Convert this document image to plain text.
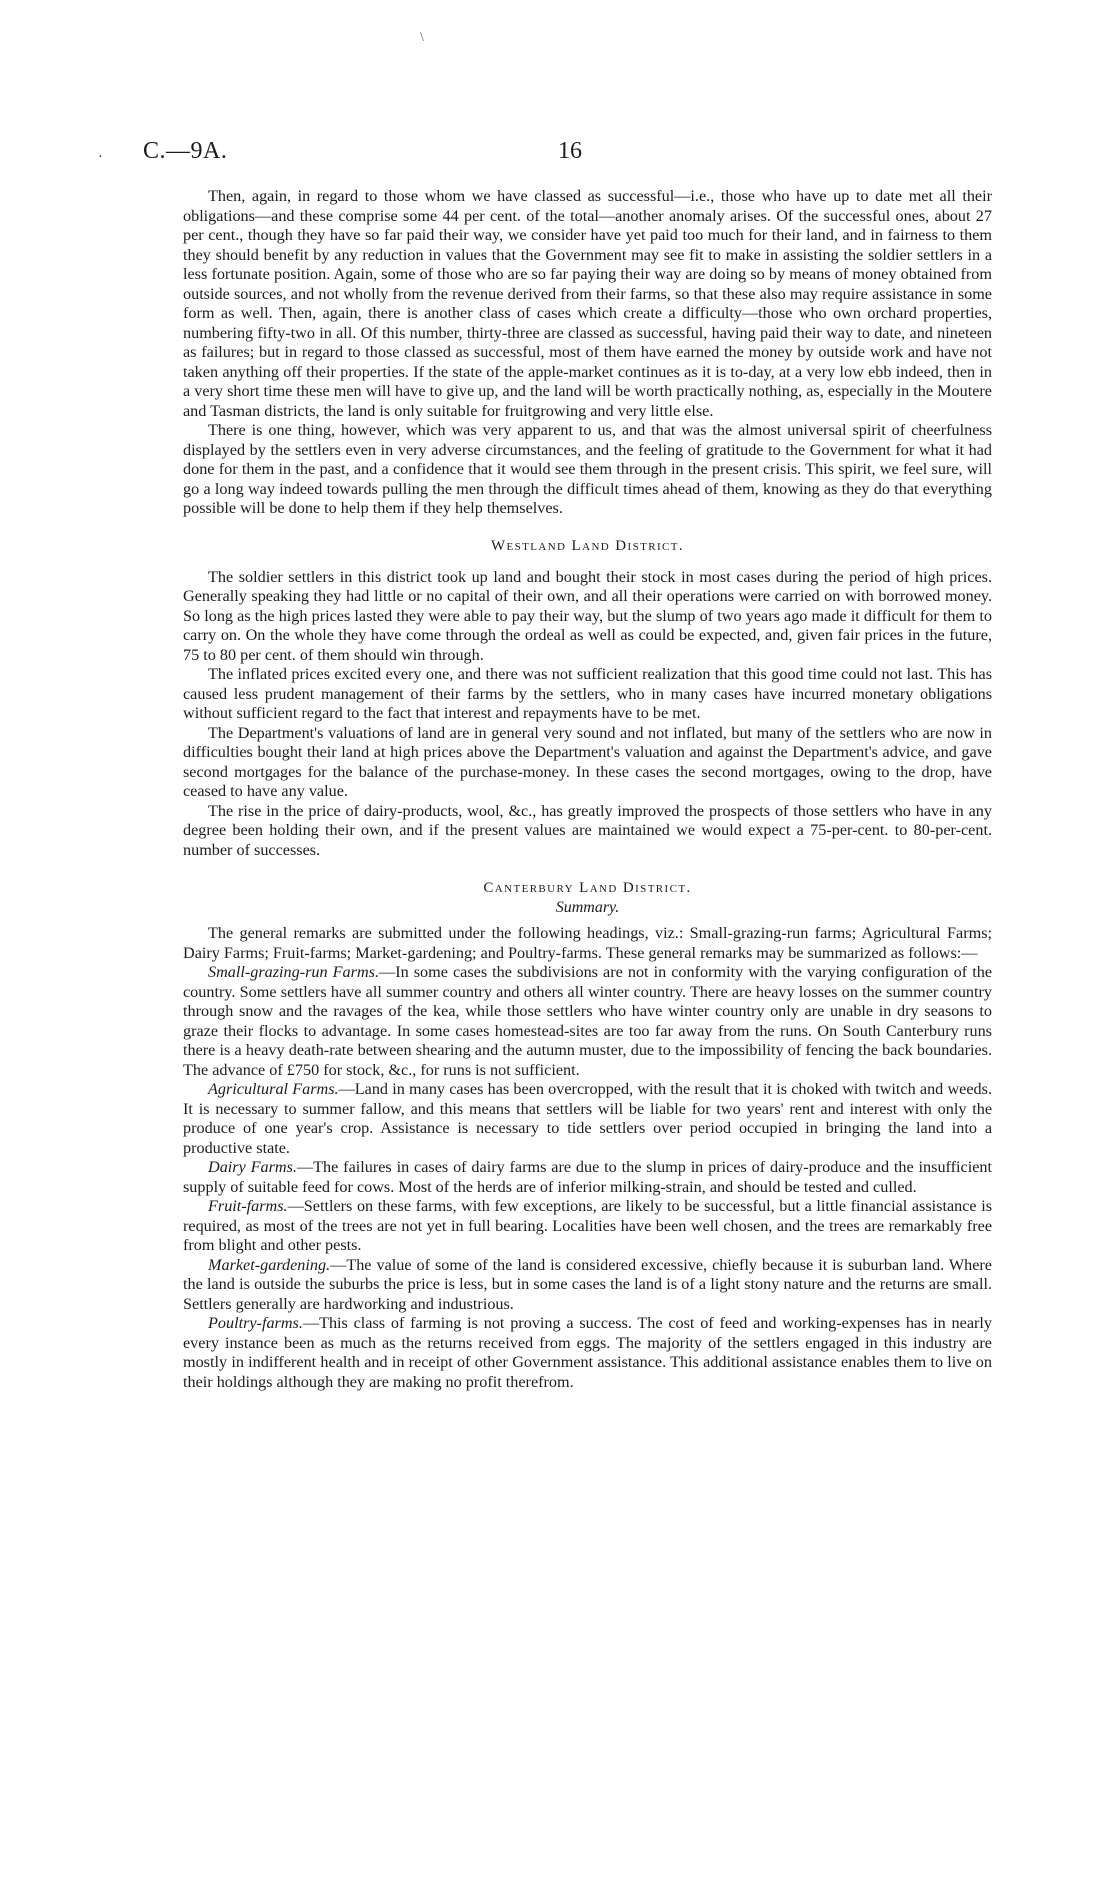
\
· C.—9A.	16

Then, again, in regard to those whom we have classed as successful—i.e., those who have up to date met all their obligations—and these comprise some 44 per cent. of the total—another anomaly arises. Of the successful ones, about 27 per cent., though they have so far paid their way, we consider have yet paid too much for their land, and in fairness to them they should benefit by any reduction in values that the Government may see fit to make in assisting the soldier settlers in a less fortunate position. Again, some of those who are so far paying their way are doing so by means of money obtained from outside sources, and not wholly from the revenue derived from their farms, so that these also may require assistance in some form as well. Then, again, there is another class of cases which create a difficulty—those who own orchard properties, numbering fifty-two in all. Of this number, thirty-three are classed as successful, having paid their way to date, and nineteen as failures; but in regard to those classed as successful, most of them have earned the money by outside work and have not taken anything off their properties. If the state of the apple-market continues as it is to-day, at a very low ebb indeed, then in a very short time these men will have to give up, and the land will be worth practically nothing, as, especially in the Moutere and Tasman districts, the land is only suitable for fruitgrowing and very little else.

There is one thing, however, which was very apparent to us, and that was the almost universal spirit of cheerfulness displayed by the settlers even in very adverse circumstances, and the feeling of gratitude to the Government for what it had done for them in the past, and a confidence that it would see them through in the present crisis. This spirit, we feel sure, will go a long way indeed towards pulling the men through the difficult times ahead of them, knowing as they do that everything possible will be done to help them if they help themselves.

Westland Land District.

The soldier settlers in this district took up land and bought their stock in most cases during the period of high prices. Generally speaking they had little or no capital of their own, and all their operations were carried on with borrowed money. So long as the high prices lasted they were able to pay their way, but the slump of two years ago made it difficult for them to carry on. On the whole they have come through the ordeal as well as could be expected, and, given fair prices in the future, 75 to 80 per cent. of them should win through.

The inflated prices excited every one, and there was not sufficient realization that this good time could not last. This has caused less prudent management of their farms by the settlers, who in many cases have incurred monetary obligations without sufficient regard to the fact that interest and repayments have to be met.

The Department's valuations of land are in general very sound and not inflated, but many of the settlers who are now in difficulties bought their land at high prices above the Department's valuation and against the Department's advice, and gave second mortgages for the balance of the purchase-money. In these cases the second mortgages, owing to the drop, have ceased to have any value.

The rise in the price of dairy-products, wool, &c., has greatly improved the prospects of those settlers who have in any degree been holding their own, and if the present values are maintained we would expect a 75-per-cent. to 80-per-cent. number of successes.

Canterbury Land District.
Summary.

The general remarks are submitted under the following headings, viz.: Small-grazing-run farms; Agricultural Farms; Dairy Farms; Fruit-farms; Market-gardening; and Poultry-farms. These general remarks may be summarized as follows:—

Small-grazing-run Farms.—In some cases the subdivisions are not in conformity with the varying configuration of the country. Some settlers have all summer country and others all winter country. There are heavy losses on the summer country through snow and the ravages of the kea, while those settlers who have winter country only are unable in dry seasons to graze their flocks to advantage. In some cases homestead-sites are too far away from the runs. On South Canterbury runs there is a heavy death-rate between shearing and the autumn muster, due to the impossibility of fencing the back boundaries. The advance of £750 for stock, &c., for runs is not sufficient.

Agricultural Farms.—Land in many cases has been overcropped, with the result that it is choked with twitch and weeds. It is necessary to summer fallow, and this means that settlers will be liable for two years' rent and interest with only the produce of one year's crop. Assistance is necessary to tide settlers over period occupied in bringing the land into a productive state.

Dairy Farms.—The failures in cases of dairy farms are due to the slump in prices of dairy-produce and the insufficient supply of suitable feed for cows. Most of the herds are of inferior milking-strain, and should be tested and culled.

Fruit-farms.—Settlers on these farms, with few exceptions, are likely to be successful, but a little financial assistance is required, as most of the trees are not yet in full bearing. Localities have been well chosen, and the trees are remarkably free from blight and other pests.

Market-gardening.—The value of some of the land is considered excessive, chiefly because it is suburban land. Where the land is outside the suburbs the price is less, but in some cases the land is of a light stony nature and the returns are small. Settlers generally are hardworking and industrious.

Poultry-farms.—This class of farming is not proving a success. The cost of feed and working-expenses has in nearly every instance been as much as the returns received from eggs. The majority of the settlers engaged in this industry are mostly in indifferent health and in receipt of other Government assistance. This additional assistance enables them to live on their holdings although they are making no profit therefrom.
